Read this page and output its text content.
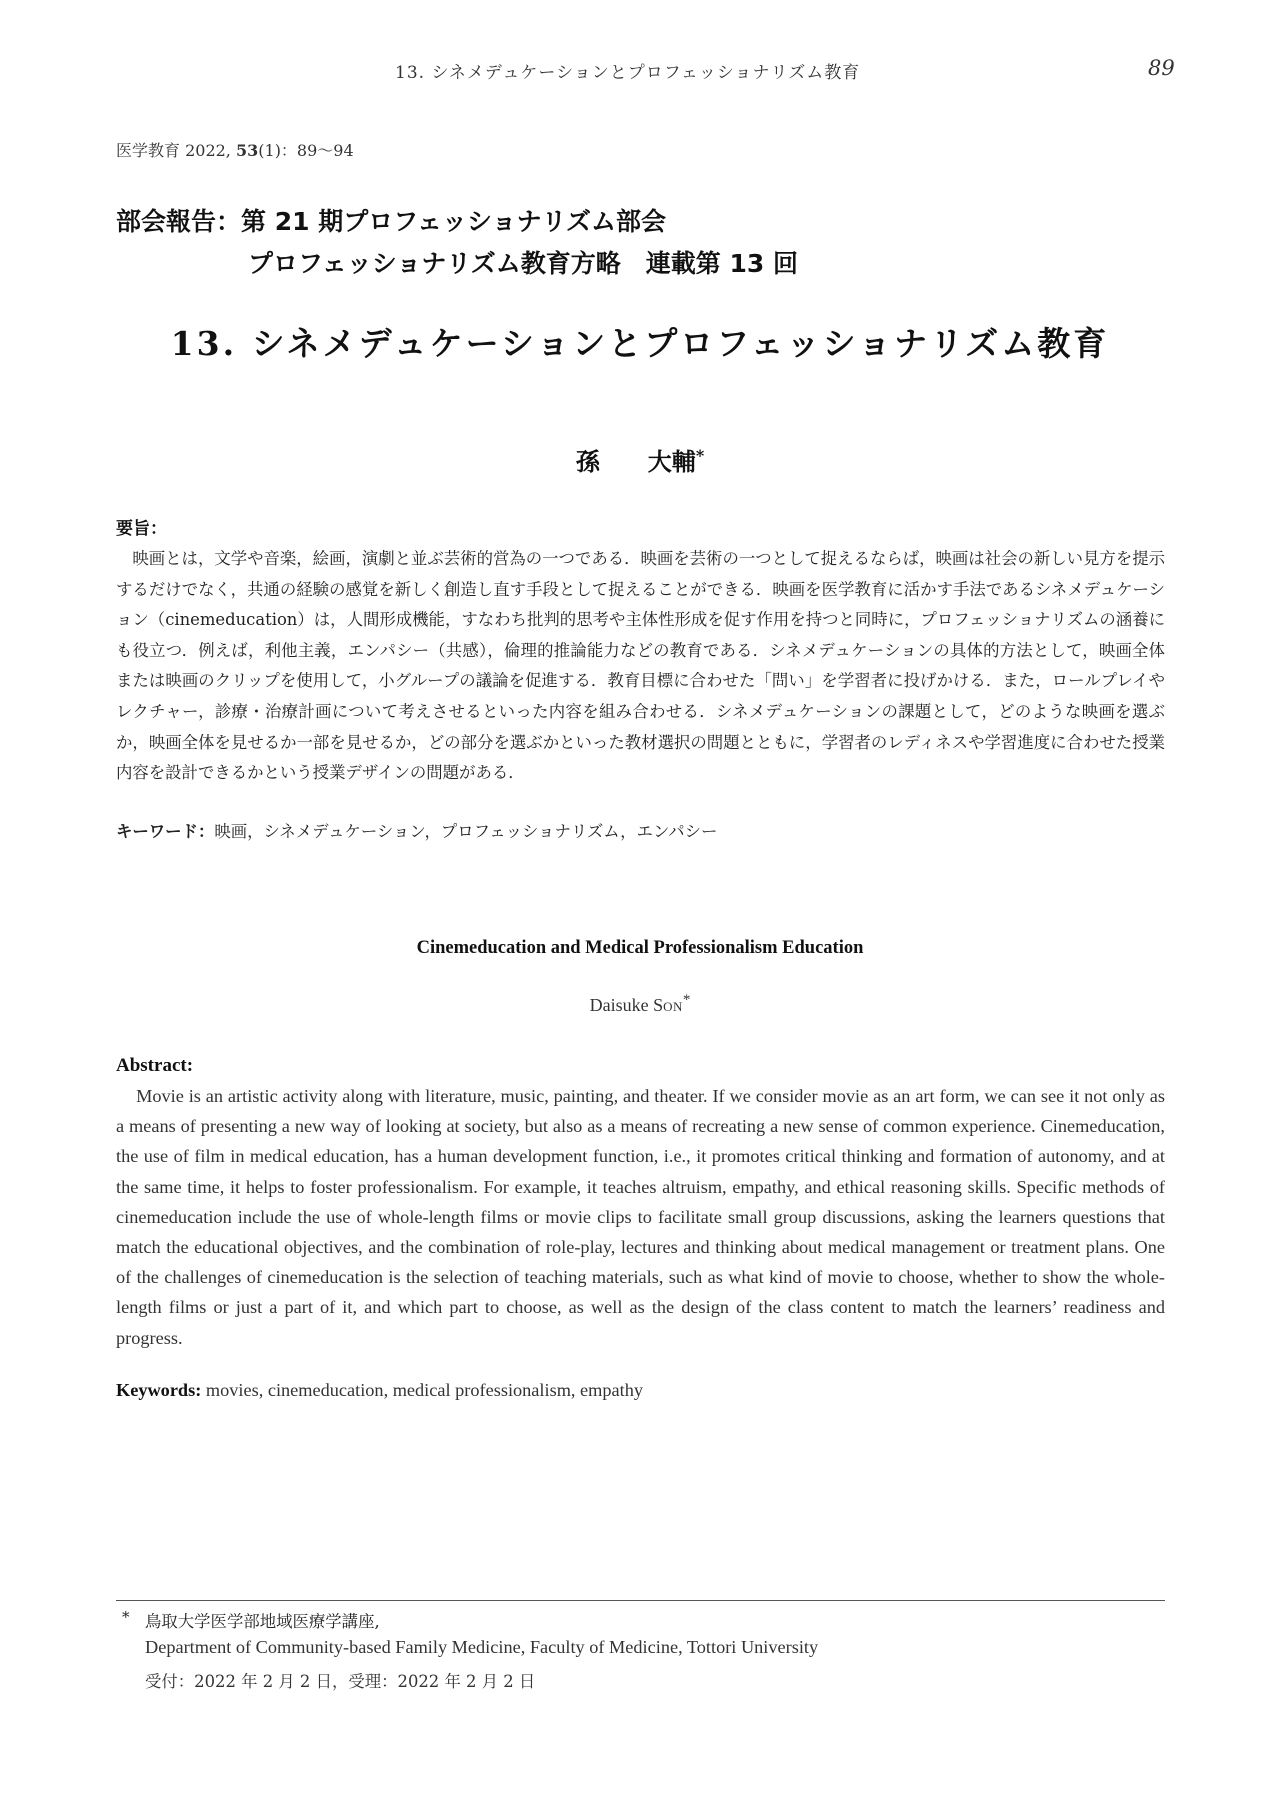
13. シネメデュケーションとプロフェッショナリズム教育	89
医学教育 2022, 53(1)：89～94
部会報告：第 21 期プロフェッショナリズム部会
プロフェッショナリズム教育方略　連載第 13 回
13. シネメデュケーションとプロフェッショナリズム教育
孫　　大輔*
要旨：
映画とは，文学や音楽，絵画，演劇と並ぶ芸術的営為の一つである．映画を芸術の一つとして捉えるならば，映画は社会の新しい見方を提示するだけでなく，共通の経験の感覚を新しく創造し直す手段として捉えることができる．映画を医学教育に活かす手法であるシネメデュケーション（cinemeducation）は，人間形成機能，すなわち批判的思考や主体性形成を促す作用を持つと同時に，プロフェッショナリズムの涵養にも役立つ．例えば，利他主義，エンパシー（共感），倫理的推論能力などの教育である．シネメデュケーションの具体的方法として，映画全体または映画のクリップを使用して，小グループの議論を促進する．教育目標に合わせた「問い」を学習者に投げかける．また，ロールプレイやレクチャー，診療・治療計画について考えさせるといった内容を組み合わせる．シネメデュケーションの課題として，どのような映画を選ぶか，映画全体を見せるか一部を見せるか，どの部分を選ぶかといった教材選択の問題とともに，学習者のレディネスや学習進度に合わせた授業内容を設計できるかという授業デザインの問題がある．
キーワード：映画，シネメデュケーション，プロフェッショナリズム，エンパシー
Cinemeducation and Medical Professionalism Education
Daisuke SON*
Abstract:
Movie is an artistic activity along with literature, music, painting, and theater. If we consider movie as an art form, we can see it not only as a means of presenting a new way of looking at society, but also as a means of recreating a new sense of common experience. Cinemeducation, the use of film in medical education, has a human development function, i.e., it promotes critical thinking and formation of autonomy, and at the same time, it helps to foster professionalism. For example, it teaches altruism, empathy, and ethical reasoning skills. Specific methods of cinemeducation include the use of whole-length films or movie clips to facilitate small group discussions, asking the learners questions that match the educational objectives, and the combination of role-play, lectures and thinking about medical management or treatment plans. One of the challenges of cinemeducation is the selection of teaching materials, such as what kind of movie to choose, whether to show the whole-length films or just a part of it, and which part to choose, as well as the design of the class content to match the learners’ readiness and progress.
Keywords: movies, cinemeducation, medical professionalism, empathy
* 鳥取大学医学部地域医療学講座,
Department of Community-based Family Medicine, Faculty of Medicine, Tottori University
受付：2022 年 2 月 2 日，受理：2022 年 2 月 2 日
